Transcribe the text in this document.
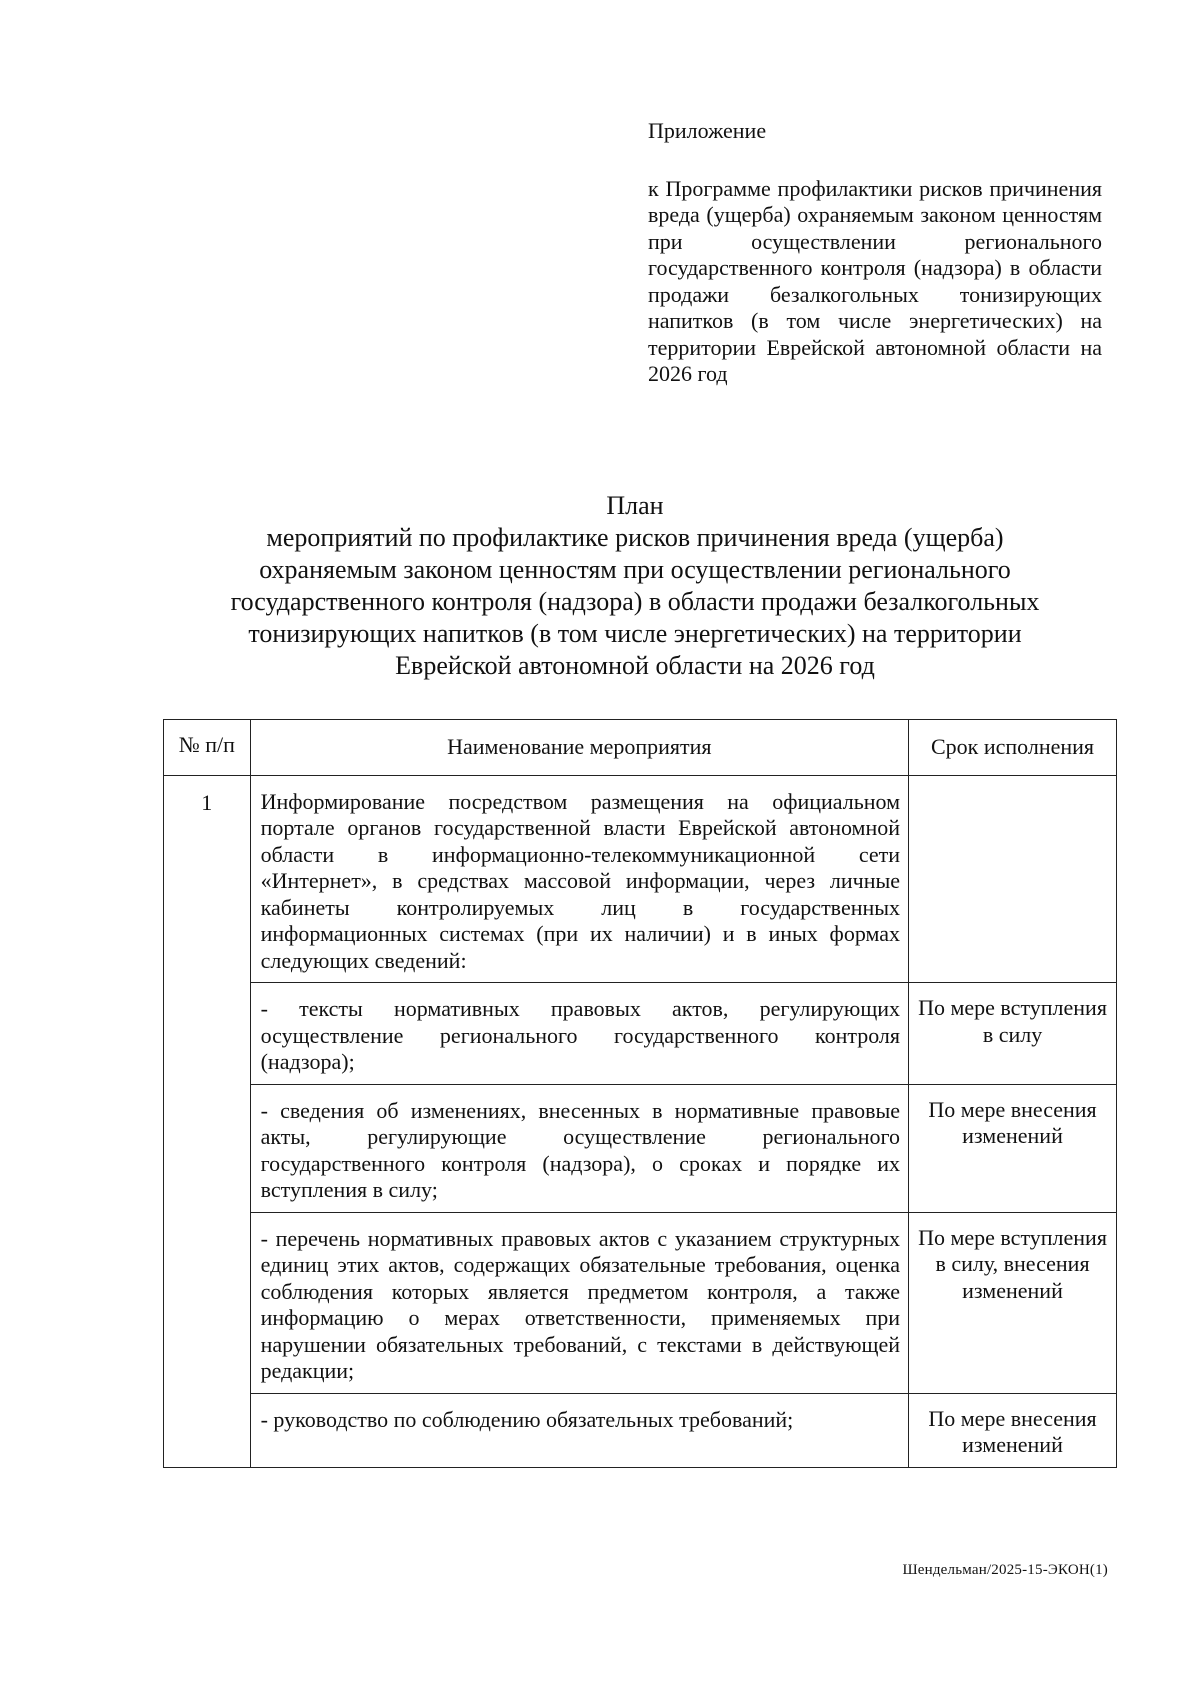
Приложение

к Программе профилактики рисков причинения вреда (ущерба) охраняемым законом ценностям при осуществлении регионального государственного контроля (надзора) в области продажи безалкогольных тонизирующих напитков (в том числе энергетических) на территории Еврейской автономной области на 2026 год

План
мероприятий по профилактике рисков причинения вреда (ущерба) охраняемым законом ценностям при осуществлении регионального государственного контроля (надзора) в области продажи безалкогольных тонизирующих напитков (в том числе энергетических) на территории Еврейской автономной области на 2026 год
№ п/п	Наименование мероприятия	Срок исполнения
1	Информирование посредством размещения на официальном портале органов государственной власти Еврейской автономной области в информационно-телекоммуникационной сети «Интернет», в средствах массовой информации, через личные кабинеты контролируемых лиц в государственных информационных системах (при их наличии) и в иных формах следующих сведений:	
	- тексты нормативных правовых актов, регулирующих осуществление регионального государственного контроля (надзора);	По мере вступления в силу
	- сведения об изменениях, внесенных в нормативные правовые акты, регулирующие осуществление регионального государственного контроля (надзора), о сроках и порядке их вступления в силу;	По мере внесения изменений
	- перечень нормативных правовых актов с указанием структурных единиц этих актов, содержащих обязательные требования, оценка соблюдения которых является предметом контроля, а также информацию о мерах ответственности, применяемых при нарушении обязательных требований, с текстами в действующей редакции;	По мере вступления в силу, внесения изменений
	- руководство по соблюдению обязательных требований;	По мере внесения изменений
Шендельман/2025-15-ЭКОН(1)
